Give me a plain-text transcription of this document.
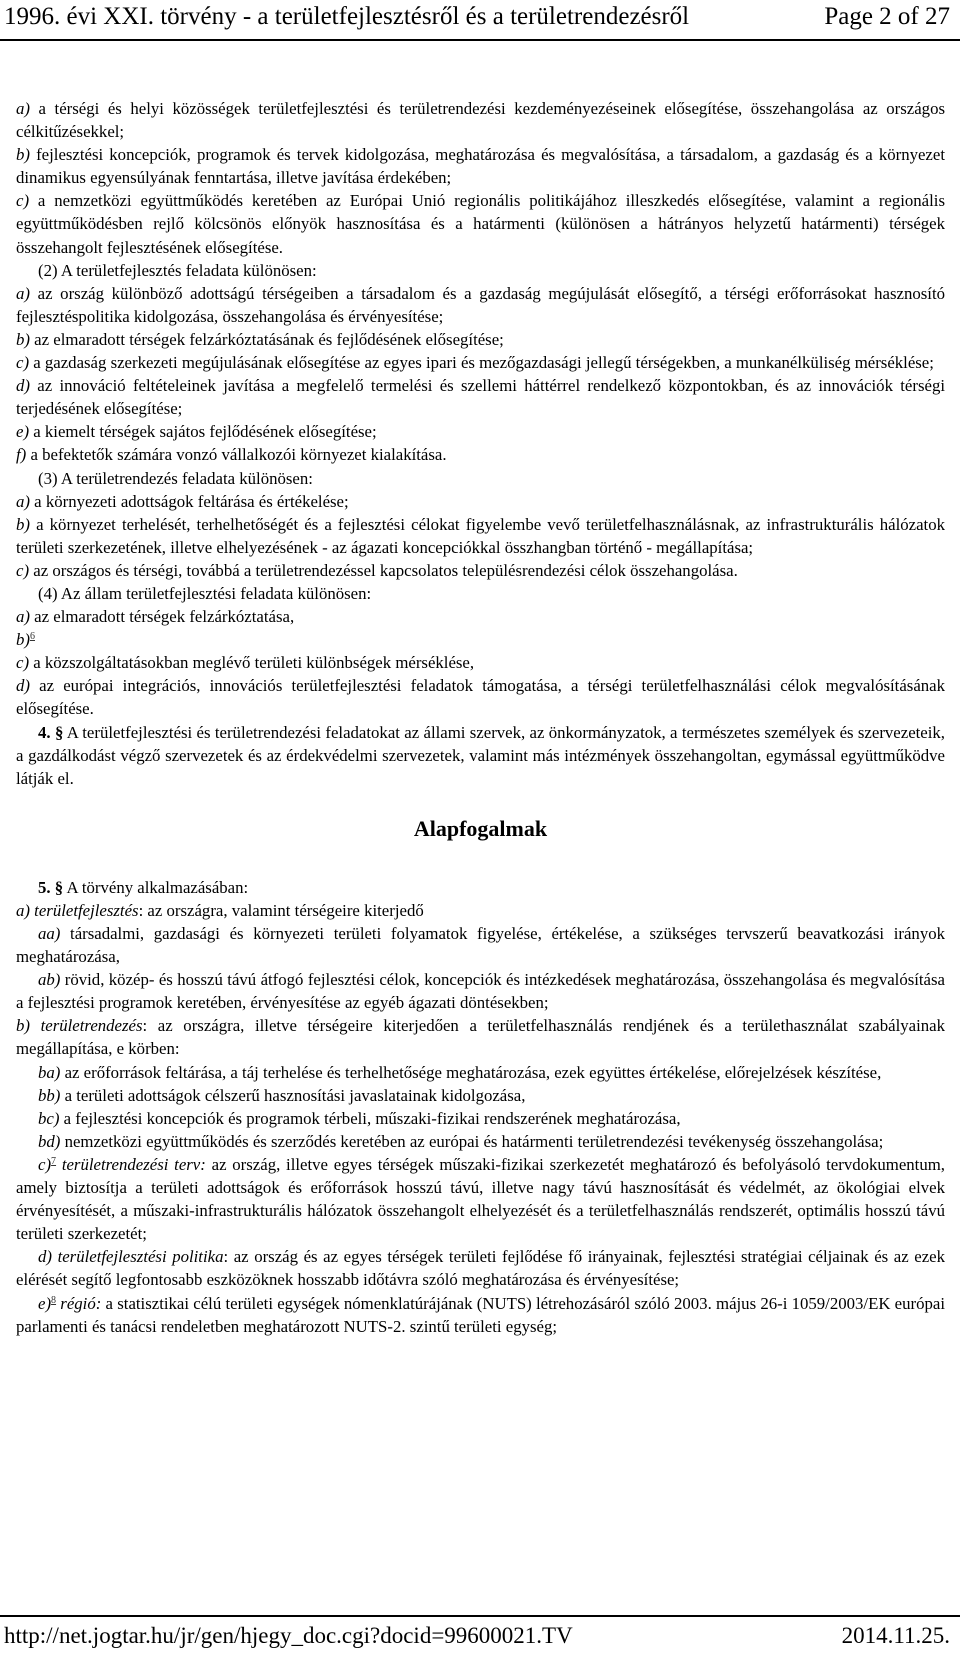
1996. évi XXI. törvény - a területfejlesztésről és a területrendezésről	Page 2 of 27

a) a térségi és helyi közösségek területfejlesztési és területrendezési kezdeményezéseinek elősegítése, összehangolása az országos célkitűzésekkel;

b) fejlesztési koncepciók, programok és tervek kidolgozása, meghatározása és megvalósítása, a társadalom, a gazdaság és a környezet dinamikus egyensúlyának fenntartása, illetve javítása érdekében;

c) a nemzetközi együttműködés keretében az Európai Unió regionális politikájához illeszkedés elősegítése, valamint a regionális együttműködésben rejlő kölcsönös előnyök hasznosítása és a határmenti (különösen a hátrányos helyzetű határmenti) térségek összehangolt fejlesztésének elősegítése.

(2) A területfejlesztés feladata különösen:

a) az ország különböző adottságú térségeiben a társadalom és a gazdaság megújulását elősegítő, a térségi erőforrásokat hasznosító fejlesztéspolitika kidolgozása, összehangolása és érvényesítése;

b) az elmaradott térségek felzárkóztatásának és fejlődésének elősegítése;

c) a gazdaság szerkezeti megújulásának elősegítése az egyes ipari és mezőgazdasági jellegű térségekben, a munkanélküliség mérséklése;

d) az innováció feltételeinek javítása a megfelelő termelési és szellemi háttérrel rendelkező központokban, és az innovációk térségi terjedésének elősegítése;

e) a kiemelt térségek sajátos fejlődésének elősegítése;

f) a befektetők számára vonzó vállalkozói környezet kialakítása.

(3) A területrendezés feladata különösen:

a) a környezeti adottságok feltárása és értékelése;

b) a környezet terhelését, terhelhetőségét és a fejlesztési célokat figyelembe vevő területfelhasználásnak, az infrastrukturális hálózatok területi szerkezetének, illetve elhelyezésének - az ágazati koncepciókkal összhangban történő - megállapítása;

c) az országos és térségi, továbbá a területrendezéssel kapcsolatos településrendezési célok összehangolása.

(4) Az állam területfejlesztési feladata különösen:

a) az elmaradott térségek felzárkóztatása,

b)$^6$

c) a közszolgáltatásokban meglévő területi különbségek mérséklése,

d) az európai integrációs, innovációs területfejlesztési feladatok támogatása, a térségi területfelhasználási célok megvalósításának elősegítése.

4. § A területfejlesztési és területrendezési feladatokat az állami szervek, az önkormányzatok, a természetes személyek és szervezeteik, a gazdálkodást végző szervezetek és az érdekvédelmi szervezetek, valamint más intézmények összehangoltan, egymással együttműködve látják el.

Alapfogalmak

5. § A törvény alkalmazásában:

a) területfejlesztés: az országra, valamint térségeire kiterjedő

aa) társadalmi, gazdasági és környezeti területi folyamatok figyelése, értékelése, a szükséges tervszerű beavatkozási irányok meghatározása,

ab) rövid, közép- és hosszú távú átfogó fejlesztési célok, koncepciók és intézkedések meghatározása, összehangolása és megvalósítása a fejlesztési programok keretében, érvényesítése az egyéb ágazati döntésekben;

b) területrendezés: az országra, illetve térségeire kiterjedően a területfelhasználás rendjének és a területhasználat szabályainak megállapítása, e körben:

ba) az erőforrások feltárása, a táj terhelése és terhelhetősége meghatározása, ezek együttes értékelése, előrejelzések készítése,

bb) a területi adottságok célszerű hasznosítási javaslatainak kidolgozása,

bc) a fejlesztési koncepciók és programok térbeli, műszaki-fizikai rendszerének meghatározása,

bd) nemzetközi együttműködés és szerződés keretében az európai és határmenti területrendezési tevékenység összehangolása;

c)$^7$ területrendezési terv: az ország, illetve egyes térségek műszaki-fizikai szerkezetét meghatározó és befolyásoló tervdokumentum, amely biztosítja a területi adottságok és erőforrások hosszú távú, illetve nagy távú hasznosítását és védelmét, az ökológiai elvek érvényesítését, a műszaki-infrastrukturális hálózatok összehangolt elhelyezését és a területfelhasználás rendszerét, optimális hosszú távú területi szerkezetét;

d) területfejlesztési politika: az ország és az egyes térségek területi fejlődése fő irányainak, fejlesztési stratégiai céljainak és az ezek elérését segítő legfontosabb eszközöknek hosszabb időtávra szóló meghatározása és érvényesítése;

e)$^8$ régió: a statisztikai célú területi egységek nómenklatúrájának (NUTS) létrehozásáról szóló 2003. május 26-i 1059/2003/EK európai parlamenti és tanácsi rendeletben meghatározott NUTS-2. szintű területi egység;

http://net.jogtar.hu/jr/gen/hjegy_doc.cgi?docid=99600021.TV	2014.11.25.
